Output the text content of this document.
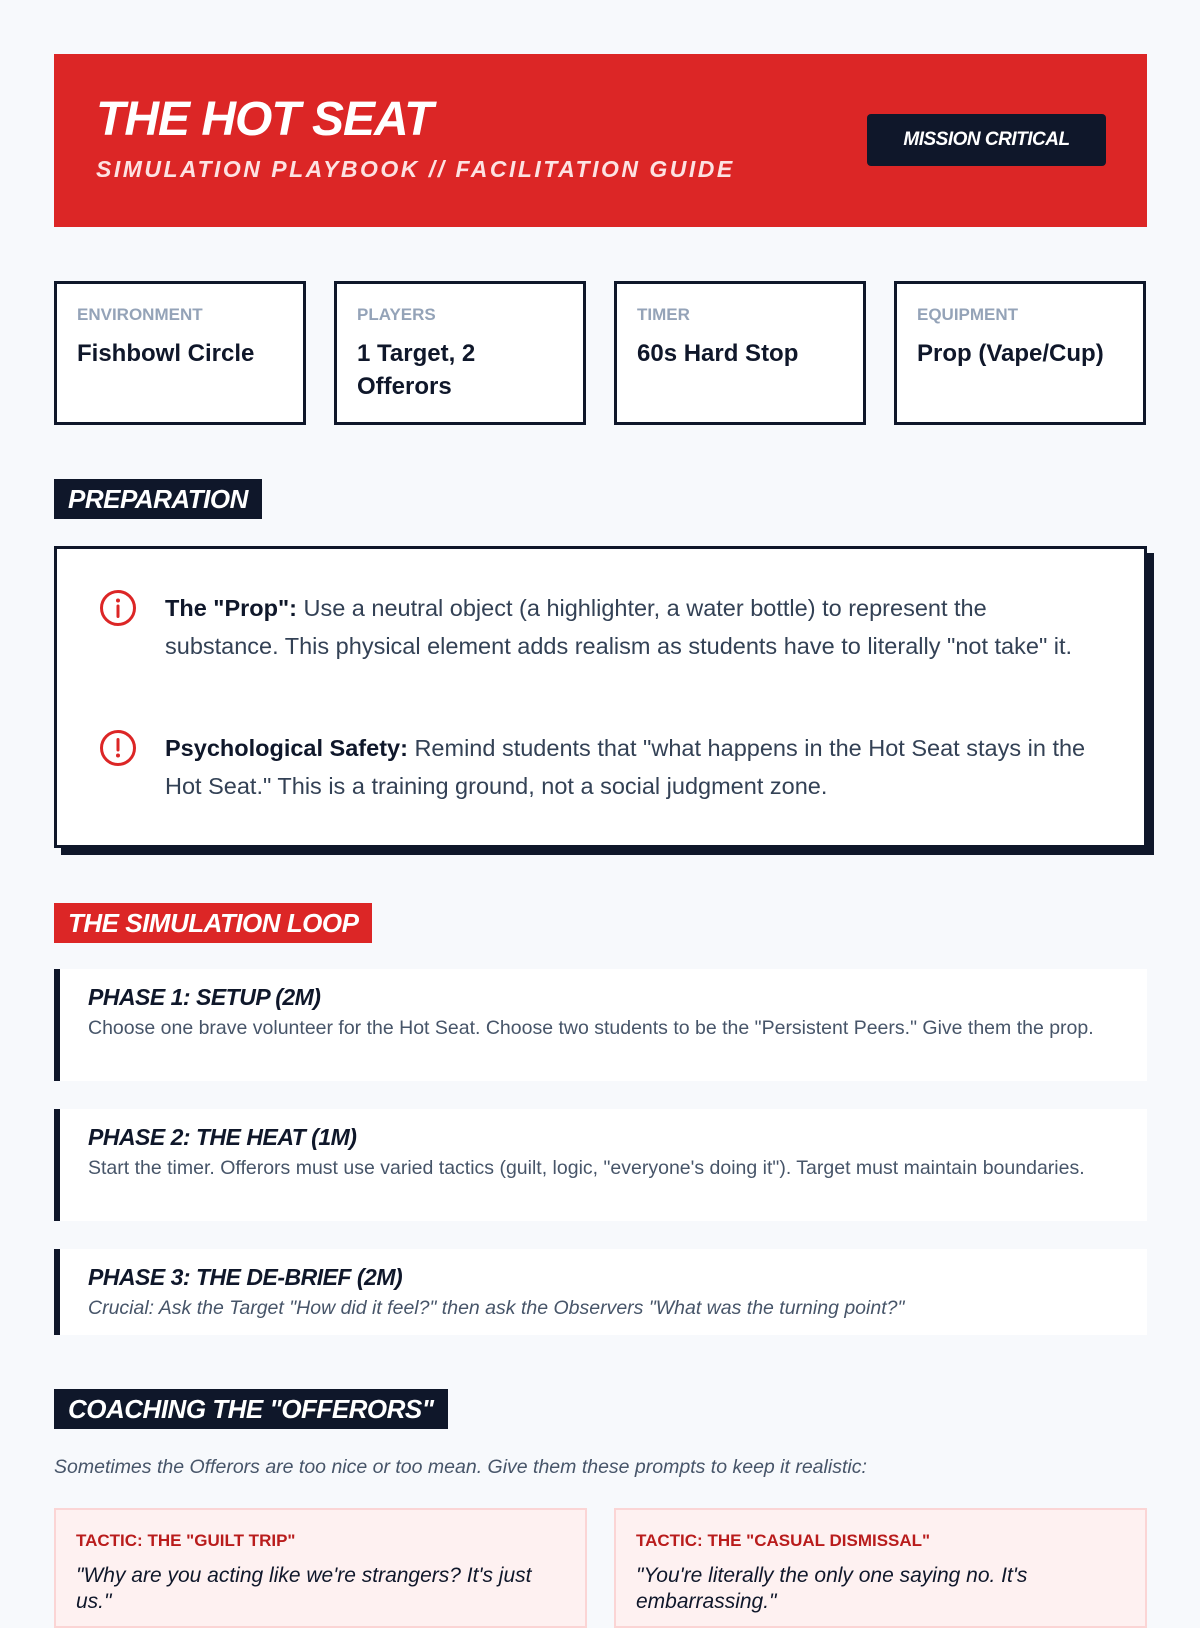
THE HOT SEAT
SIMULATION PLAYBOOK // FACILITATION GUIDE
MISSION CRITICAL
ENVIRONMENT
Fishbowl Circle
PLAYERS
1 Target, 2 Offerors
TIMER
60s Hard Stop
EQUIPMENT
Prop (Vape/Cup)
PREPARATION
The "Prop": Use a neutral object (a highlighter, a water bottle) to represent the substance. This physical element adds realism as students have to literally "not take" it.
Psychological Safety: Remind students that "what happens in the Hot Seat stays in the Hot Seat." This is a training ground, not a social judgment zone.
THE SIMULATION LOOP
PHASE 1: SETUP (2M)
Choose one brave volunteer for the Hot Seat. Choose two students to be the "Persistent Peers." Give them the prop.
PHASE 2: THE HEAT (1M)
Start the timer. Offerors must use varied tactics (guilt, logic, "everyone's doing it"). Target must maintain boundaries.
PHASE 3: THE DE-BRIEF (2M)
Crucial: Ask the Target "How did it feel?" then ask the Observers "What was the turning point?"
COACHING THE "OFFERORS"
Sometimes the Offerors are too nice or too mean. Give them these prompts to keep it realistic:
TACTIC: THE "GUILT TRIP"
"Why are you acting like we're strangers? It's just us."
TACTIC: THE "CASUAL DISMISSAL"
"You're literally the only one saying no. It's embarrassing."
